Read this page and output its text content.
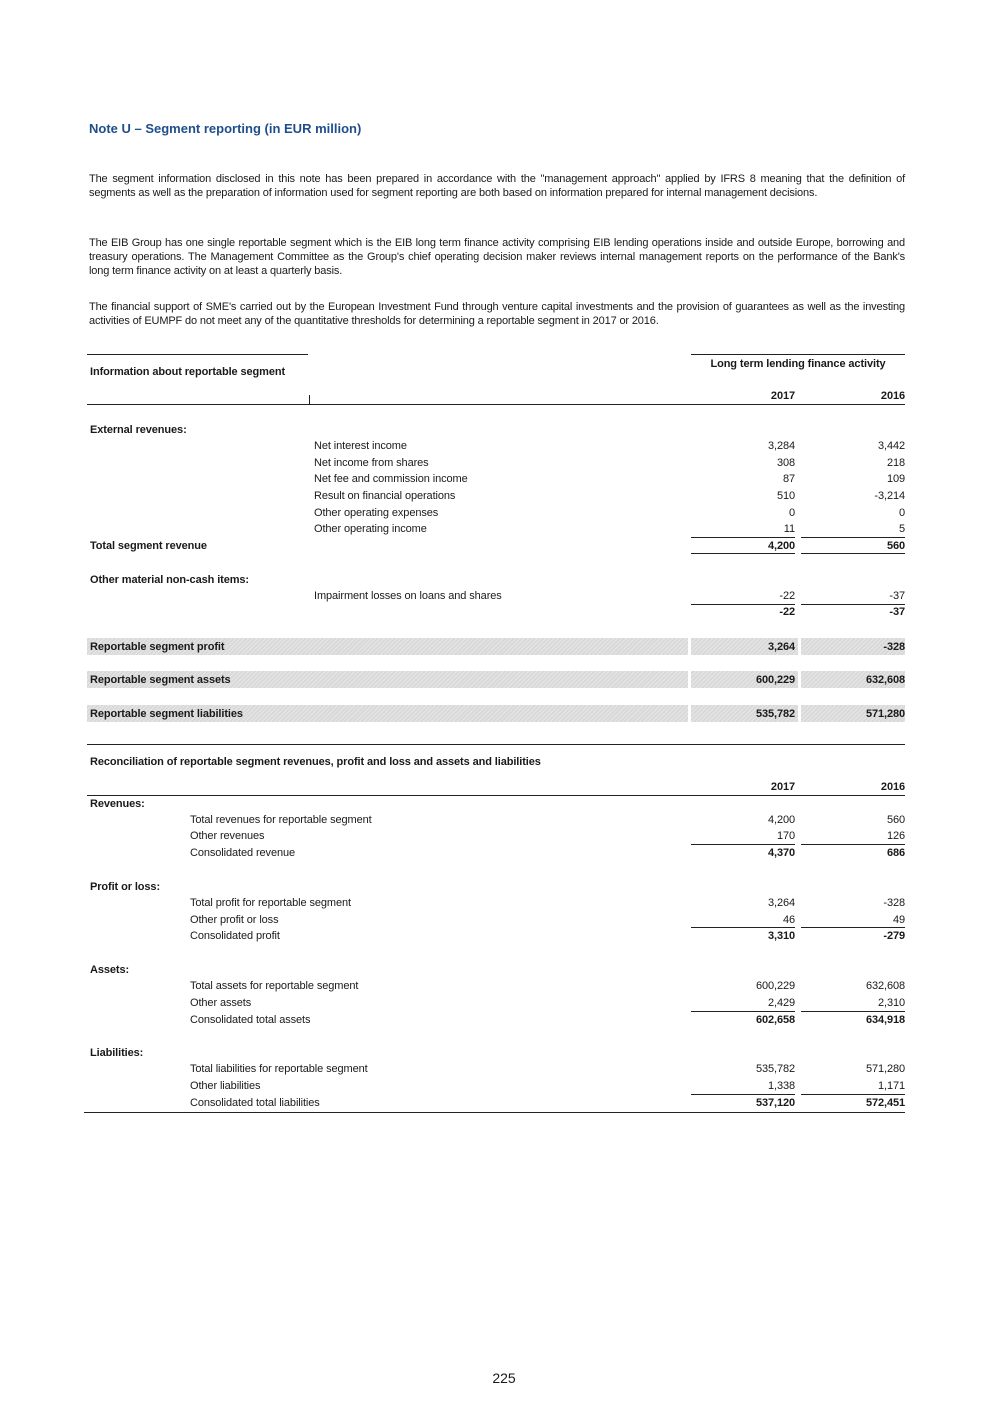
Note U – Segment reporting (in EUR million)
The segment information disclosed in this note has been prepared in accordance with the "management approach" applied by IFRS 8 meaning that the definition of segments as well as the preparation of information used for segment reporting are both based on information prepared for internal management decisions.
The EIB Group has one single reportable segment which is the EIB long term finance activity comprising EIB lending operations inside and outside Europe, borrowing and treasury operations. The Management Committee as the Group's chief operating decision maker reviews internal management reports on the performance of the Bank's long term finance activity on at least a quarterly basis.
The financial support of SME's carried out by the European Investment Fund through venture capital investments and the provision of guarantees as well as the investing activities of EUMPF do not meet any of the quantitative thresholds for determining a reportable segment in 2017 or 2016.
Information about reportable segment
Long term lending finance activity
2017	2016
External revenues:
Net interest income	3,284	3,442
Net income from shares	308	218
Net fee and commission income	87	109
Result on financial operations	510	-3,214
Other operating expenses	0	0
Other operating income	11	5
Total segment revenue	4,200	560
Other material non-cash items:
Impairment losses on loans and shares	-22	-37
-22	-37
Reportable segment profit	3,264	-328
Reportable segment assets	600,229	632,608
Reportable segment liabilities	535,782	571,280
Reconciliation of reportable segment revenues, profit and loss and assets and liabilities
2017	2016
Revenues:
Total revenues for reportable segment	4,200	560
Other revenues	170	126
Consolidated revenue	4,370	686
Profit or loss:
Total profit for reportable segment	3,264	-328
Other profit or loss	46	49
Consolidated profit	3,310	-279
Assets:
Total assets for reportable segment	600,229	632,608
Other assets	2,429	2,310
Consolidated total assets	602,658	634,918
Liabilities:
Total liabilities for reportable segment	535,782	571,280
Other liabilities	1,338	1,171
Consolidated total liabilities	537,120	572,451
225
